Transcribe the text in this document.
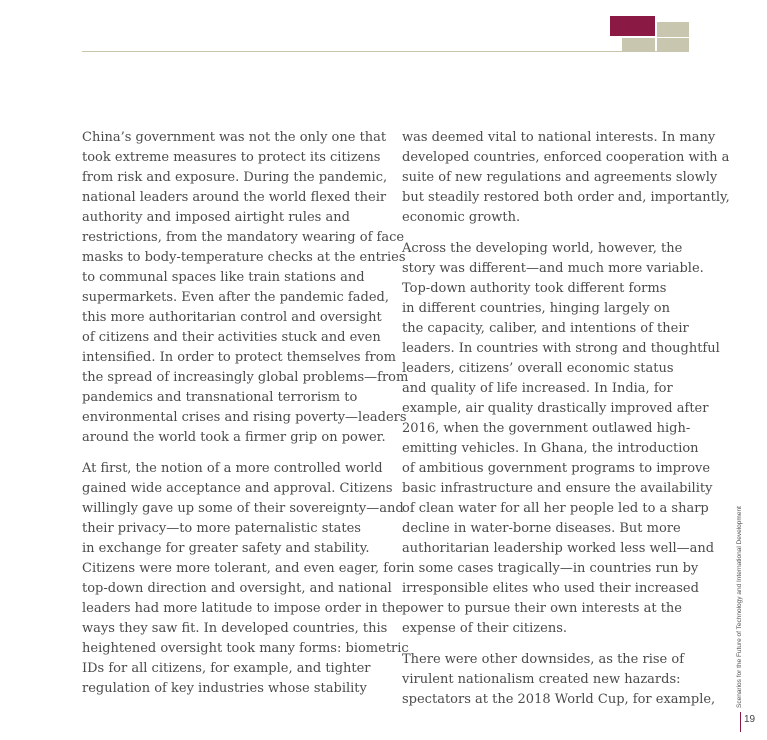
China’s government was not the only one that
took extreme measures to protect its citizens
from risk and exposure. During the pandemic,
national leaders around the world flexed their
authority and imposed airtight rules and
restrictions, from the mandatory wearing of face
masks to body-temperature checks at the entries
to communal spaces like train stations and
supermarkets. Even after the pandemic faded,
this more authoritarian control and oversight
of citizens and their activities stuck and even
intensified. In order to protect themselves from
the spread of increasingly global problems—from
pandemics and transnational terrorism to
environmental crises and rising poverty—leaders
around the world took a firmer grip on power.
At first, the notion of a more controlled world
gained wide acceptance and approval. Citizens
willingly gave up some of their sovereignty—and
their privacy—to more paternalistic states
in exchange for greater safety and stability.
Citizens were more tolerant, and even eager, for
top-down direction and oversight, and national
leaders had more latitude to impose order in the
ways they saw fit. In developed countries, this
heightened oversight took many forms: biometric
IDs for all citizens, for example, and tighter
regulation of key industries whose stability
was deemed vital to national interests. In many
developed countries, enforced cooperation with a
suite of new regulations and agreements slowly
but steadily restored both order and, importantly,
economic growth.
Across the developing world, however, the
story was different—and much more variable.
Top-down authority took different forms
in different countries, hinging largely on
the capacity, caliber, and intentions of their
leaders. In countries with strong and thoughtful
leaders, citizens’ overall economic status
and quality of life increased. In India, for
example, air quality drastically improved after
2016, when the government outlawed high-
emitting vehicles. In Ghana, the introduction
of ambitious government programs to improve
basic infrastructure and ensure the availability
of clean water for all her people led to a sharp
decline in water-borne diseases. But more
authoritarian leadership worked less well—and
in some cases tragically—in countries run by
irresponsible elites who used their increased
power to pursue their own interests at the
expense of their citizens.
There were other downsides, as the rise of
virulent nationalism created new hazards:
spectators at the 2018 World Cup, for example,	Scenarios for the Future of Technology and International Development
19
